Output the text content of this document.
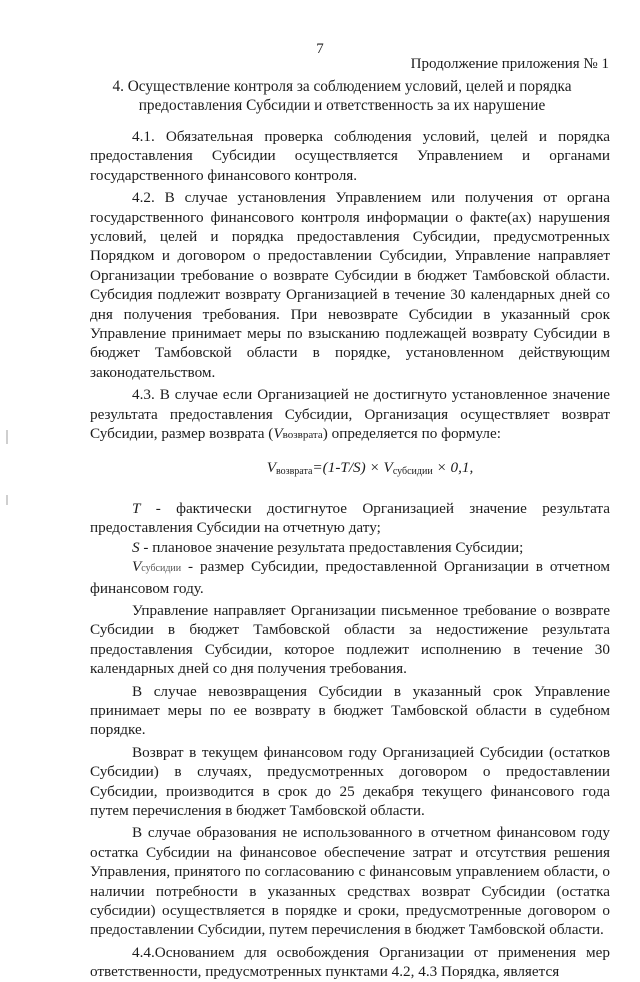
7
Продолжение приложения № 1
4. Осуществление контроля за соблюдением условий, целей и порядка
предоставления Субсидии и ответственность за их нарушение

4.1. Обязательная проверка соблюдения условий, целей и порядка предоставления Субсидии осуществляется Управлением и органами государственного финансового контроля.

4.2. В случае установления Управлением или получения от органа государственного финансового контроля информации о факте(ах) нарушения условий, целей и порядка предоставления Субсидии, предусмотренных Порядком и договором о предоставлении Субсидии, Управление направляет Организации требование о возврате Субсидии в бюджет Тамбовской области. Субсидия подлежит возврату Организацией в течение 30 календарных дней со дня получения требования. При невозврате Субсидии в указанный срок Управление принимает меры по взысканию подлежащей возврату Субсидии в бюджет Тамбовской области в порядке, установленном действующим законодательством.

4.3. В случае если Организацией не достигнуто установленное значение результата предоставления Субсидии, Организация осуществляет возврат Субсидии, размер возврата (Vвозврата) определяется по формуле:

$V_{возврата}=(1-T/S) \times V_{субсидии} \times 0,1$,

T - фактически достигнутое Организацией значение результата предоставления Субсидии на отчетную дату;

S - плановое значение результата предоставления Субсидии;

Vсубсидии - размер Субсидии, предоставленной Организации в отчетном финансовом году.

Управление направляет Организации письменное требование о возврате Субсидии в бюджет Тамбовской области за недостижение результата предоставления Субсидии, которое подлежит исполнению в течение 30 календарных дней со дня получения требования.

В случае невозвращения Субсидии в указанный срок Управление принимает меры по ее возврату в бюджет Тамбовской области в судебном порядке.

Возврат в текущем финансовом году Организацией Субсидии (остатков Субсидии) в случаях, предусмотренных договором о предоставлении Субсидии, производится в срок до 25 декабря текущего финансового года путем перечисления в бюджет Тамбовской области.

В случае образования не использованного в отчетном финансовом году остатка Субсидии на финансовое обеспечение затрат и отсутствия решения Управления, принятого по согласованию с финансовым управлением области, о наличии потребности в указанных средствах возврат Субсидии (остатка субсидии) осуществляется в порядке и сроки, предусмотренные договором о предоставлении Субсидии, путем перечисления в бюджет Тамбовской области.

4.4.Основанием для освобождения Организации от применения мер ответственности, предусмотренных пунктами 4.2, 4.3 Порядка, является
